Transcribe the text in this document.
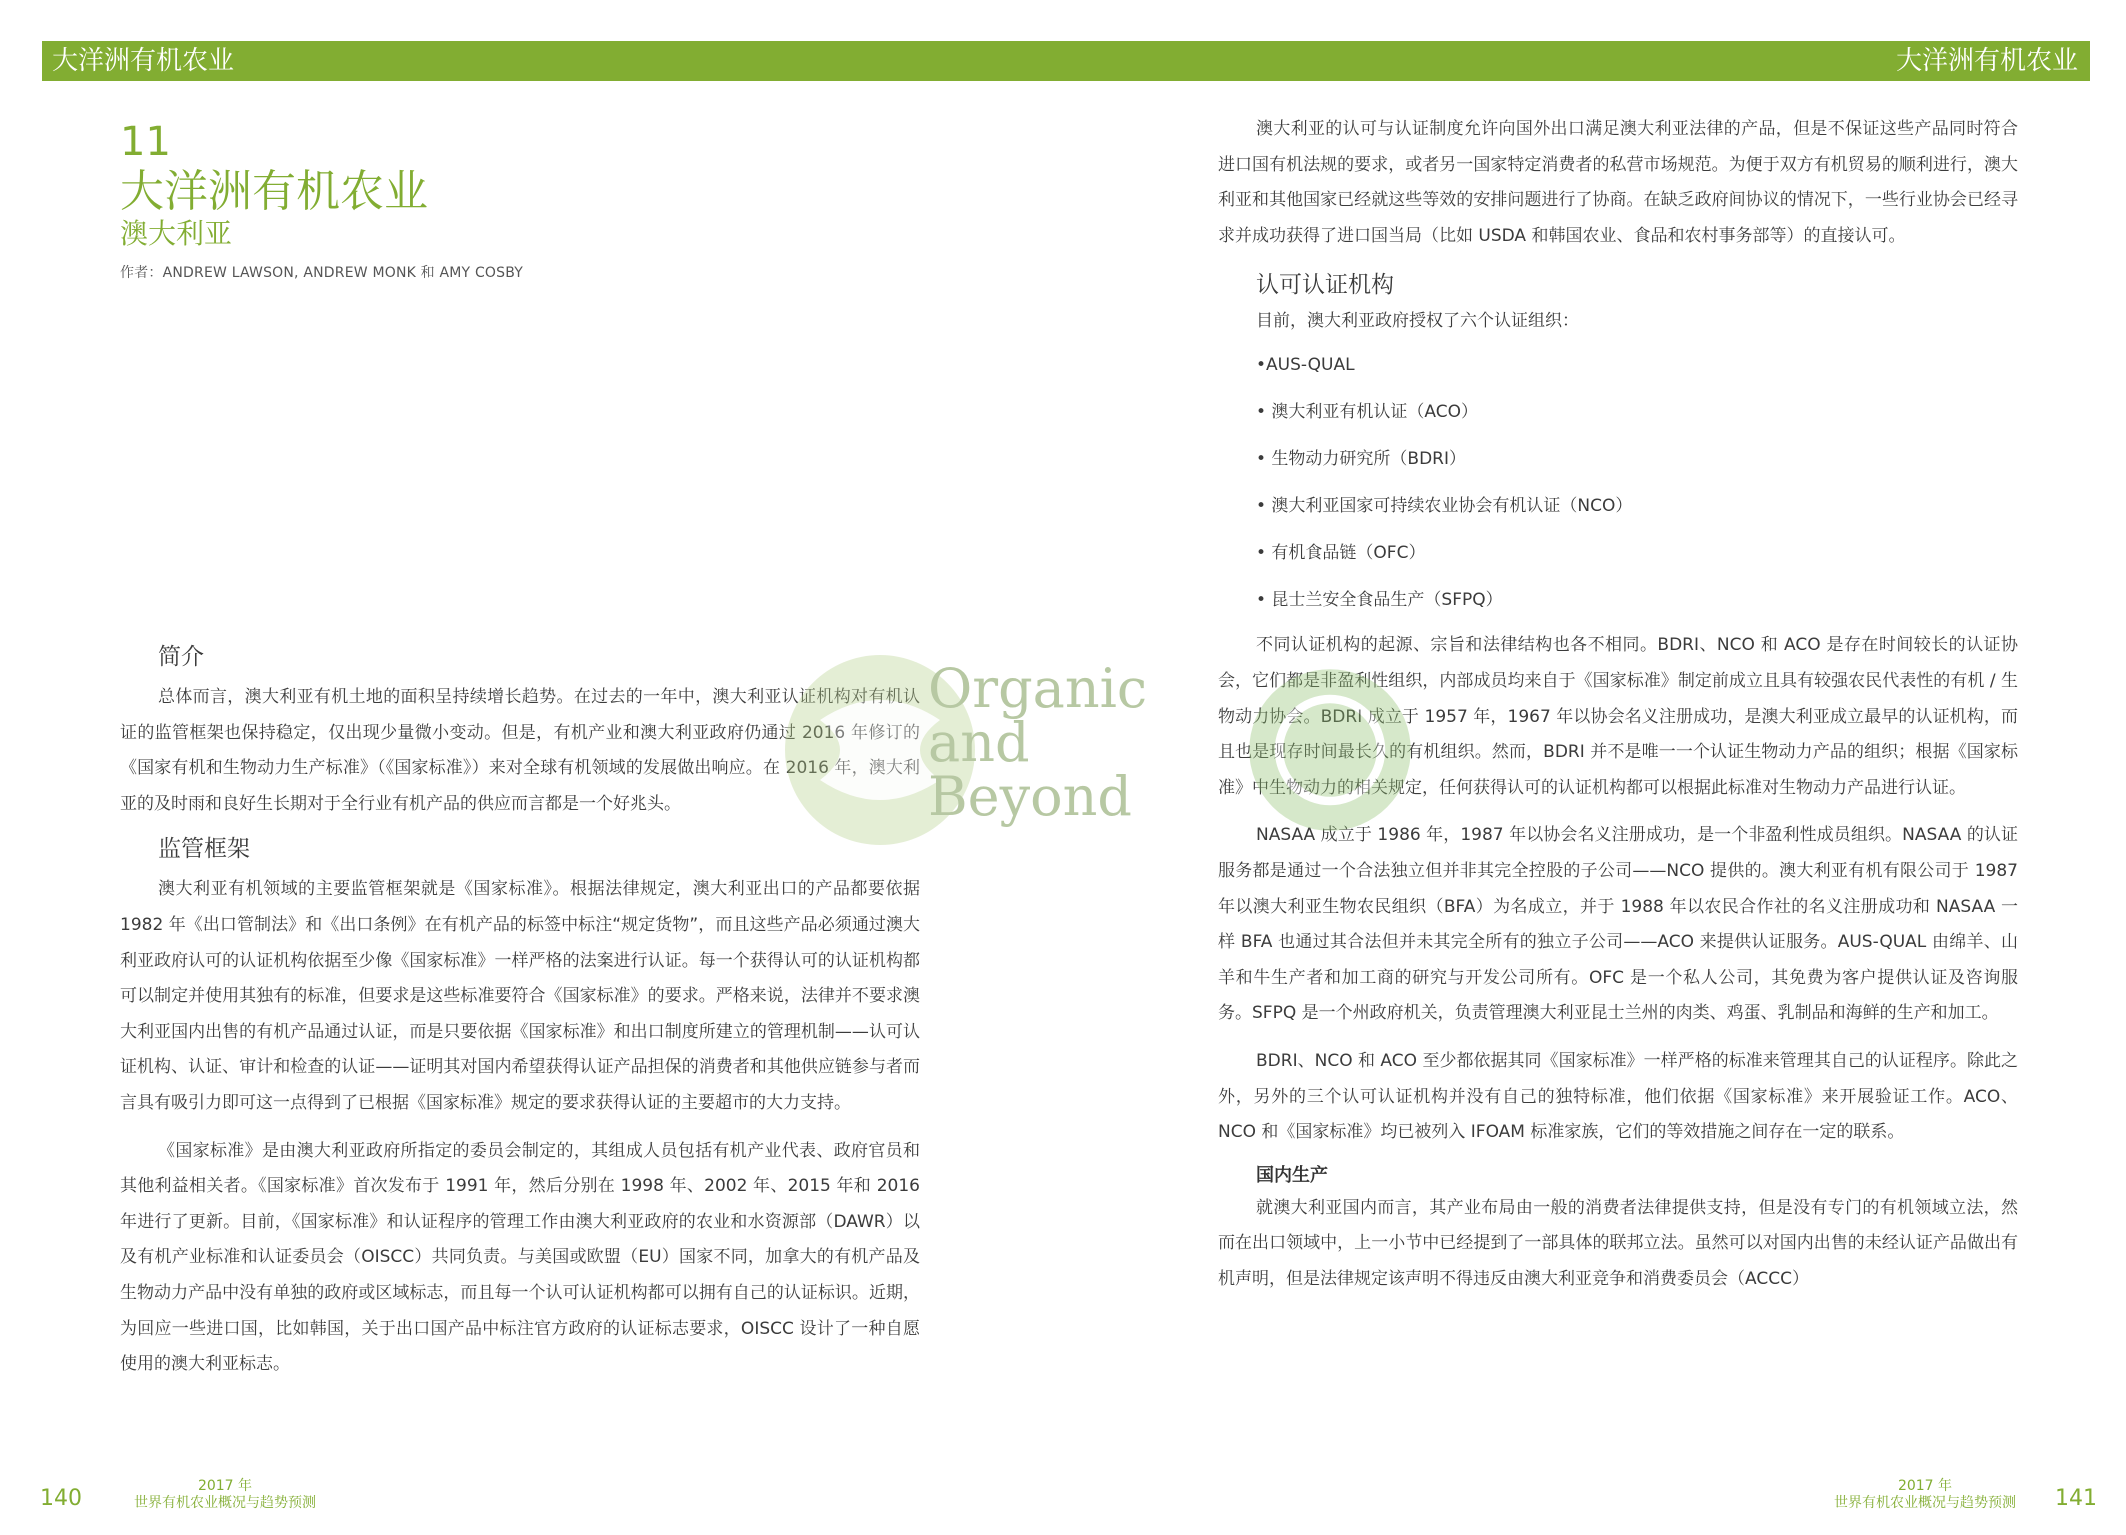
大洋洲有机农业	大洋洲有机农业
11
大洋洲有机农业
澳大利亚
作者：ANDREW LAWSON, ANDREW MONK 和 AMY COSBY
简介

总体而言，澳大利亚有机土地的面积呈持续增长趋势。在过去的一年中，澳大利亚认证机构对有机认证的监管框架也保持稳定，仅出现少量微小变动。但是，有机产业和澳大利亚政府仍通过 2016 年修订的《国家有机和生物动力生产标准》（《国家标准》）来对全球有机领域的发展做出响应。在 2016 年，澳大利亚的及时雨和良好生长期对于全行业有机产品的供应而言都是一个好兆头。

监管框架

澳大利亚有机领域的主要监管框架就是《国家标准》。根据法律规定，澳大利亚出口的产品都要依据 1982 年《出口管制法》和《出口条例》在有机产品的标签中标注“规定货物”，而且这些产品必须通过澳大利亚政府认可的认证机构依据至少像《国家标准》一样严格的法案进行认证。每一个获得认可的认证机构都可以制定并使用其独有的标准，但要求是这些标准要符合《国家标准》的要求。严格来说，法律并不要求澳大利亚国内出售的有机产品通过认证，而是只要依据《国家标准》和出口制度所建立的管理机制——认可认证机构、认证、审计和检查的认证——证明其对国内希望获得认证产品担保的消费者和其他供应链参与者而言具有吸引力即可这一点得到了已根据《国家标准》规定的要求获得认证的主要超市的大力支持。

《国家标准》是由澳大利亚政府所指定的委员会制定的，其组成人员包括有机产业代表、政府官员和其他利益相关者。《国家标准》首次发布于 1991 年，然后分别在 1998 年、2002 年、2015 年和 2016 年进行了更新。目前，《国家标准》和认证程序的管理工作由澳大利亚政府的农业和水资源部（DAWR）以及有机产业标准和认证委员会（OISCC）共同负责。与美国或欧盟（EU）国家不同，加拿大的有机产品及生物动力产品中没有单独的政府或区域标志，而且每一个认可认证机构都可以拥有自己的认证标识。近期，为回应一些进口国，比如韩国，关于出口国产品中标注官方政府的认证标志要求，OISCC 设计了一种自愿使用的澳大利亚标志。

澳大利亚的认可与认证制度允许向国外出口满足澳大利亚法律的产品，但是不保证这些产品同时符合进口国有机法规的要求，或者另一国家特定消费者的私营市场规范。为便于双方有机贸易的顺利进行，澳大利亚和其他国家已经就这些等效的安排问题进行了协商。在缺乏政府间协议的情况下，一些行业协会已经寻求并成功获得了进口国当局（比如 USDA 和韩国农业、食品和农村事务部等）的直接认可。

认可认证机构

目前，澳大利亚政府授权了六个认证组织：

•AUS-QUAL
• 澳大利亚有机认证（ACO）
• 生物动力研究所（BDRI）
• 澳大利亚国家可持续农业协会有机认证（NCO）
• 有机食品链（OFC）
• 昆士兰安全食品生产（SFPQ）

不同认证机构的起源、宗旨和法律结构也各不相同。BDRI、NCO 和 ACO 是存在时间较长的认证协会，它们都是非盈利性组织，内部成员均来自于《国家标准》制定前成立且具有较强农民代表性的有机 / 生物动力协会。BDRI 成立于 1957 年，1967 年以协会名义注册成功，是澳大利亚成立最早的认证机构，而且也是现存时间最长久的有机组织。然而，BDRI 并不是唯一一个认证生物动力产品的组织；根据《国家标准》中生物动力的相关规定，任何获得认可的认证机构都可以根据此标准对生物动力产品进行认证。

NASAA 成立于 1986 年，1987 年以协会名义注册成功，是一个非盈利性成员组织。NASAA 的认证服务都是通过一个合法独立但并非其完全控股的子公司——NCO 提供的。澳大利亚有机有限公司于 1987 年以澳大利亚生物农民组织（BFA）为名成立，并于 1988 年以农民合作社的名义注册成功和 NASAA 一样 BFA 也通过其合法但并未其完全所有的独立子公司——ACO 来提供认证服务。AUS-QUAL 由绵羊、山羊和牛生产者和加工商的研究与开发公司所有。OFC 是一个私人公司，其免费为客户提供认证及咨询服务。SFPQ 是一个州政府机关，负责管理澳大利亚昆士兰州的肉类、鸡蛋、乳制品和海鲜的生产和加工。

BDRI、NCO 和 ACO 至少都依据其同《国家标准》一样严格的标准来管理其自己的认证程序。除此之外，另外的三个认可认证机构并没有自己的独特标准，他们依据《国家标准》来开展验证工作。ACO、NCO 和《国家标准》均已被列入 IFOAM 标准家族，它们的等效措施之间存在一定的联系。

国内生产

就澳大利亚国内而言，其产业布局由一般的消费者法律提供支持，但是没有专门的有机领域立法，然而在出口领域中，上一小节中已经提到了一部具体的联邦立法。虽然可以对国内出售的未经认证产品做出有机声明，但是法律规定该声明不得违反由澳大利亚竞争和消费委员会（ACCC）

Organic
and
Beyond
140	2017 年
世界有机农业概况与趋势预测
2017 年
世界有机农业概况与趋势预测	141
